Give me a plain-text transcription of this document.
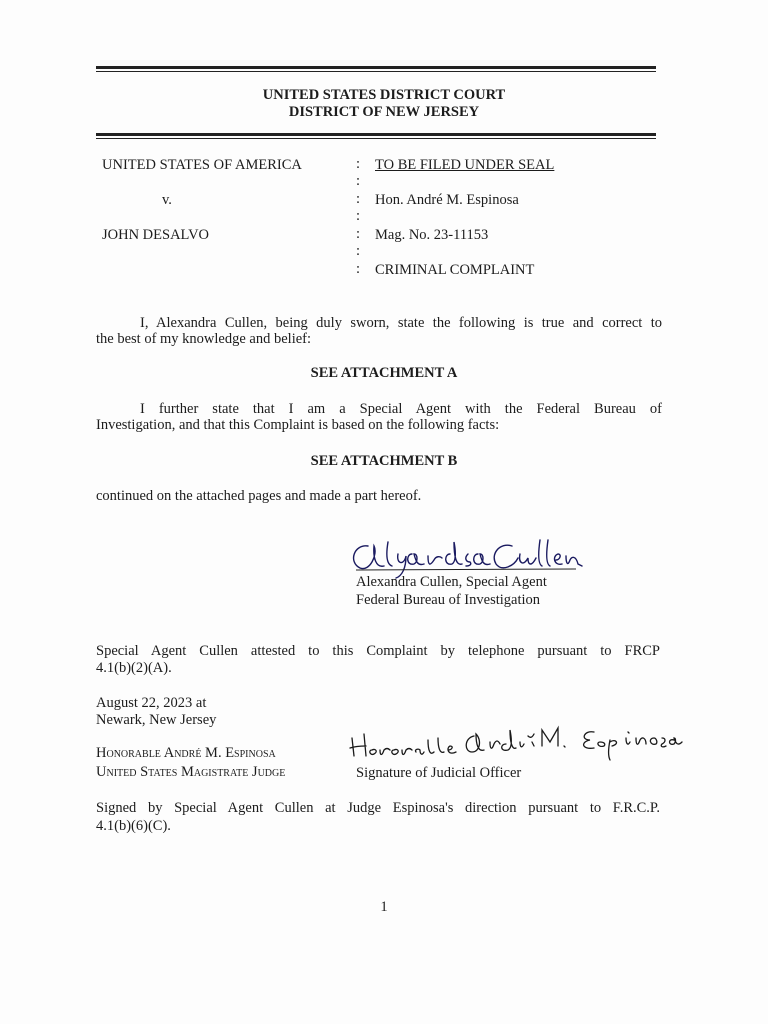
UNITED STATES DISTRICT COURT
DISTRICT OF NEW JERSEY
UNITED STATES OF AMERICA
v.
JOHN DESALVO
:
:
:
:
:
:
:
TO BE FILED UNDER SEAL
Hon. André M. Espinosa
Mag. No. 23-11153
CRIMINAL COMPLAINT
I, Alexandra Cullen, being duly sworn, state the following is true and correct to
the best of my knowledge and belief:
SEE ATTACHMENT A
I further state that I am a Special Agent with the Federal Bureau of
Investigation, and that this Complaint is based on the following facts:
SEE ATTACHMENT B
continued on the attached pages and made a part hereof.
Alexandra Cullen, Special Agent
Federal Bureau of Investigation
Special Agent Cullen attested to this Complaint by telephone pursuant to FRCP
4.1(b)(2)(A).
August 22, 2023 at
Newark, New Jersey
Honorable André M. Espinosa
United States Magistrate Judge	Signature of Judicial Officer
Signed by Special Agent Cullen at Judge Espinosa's direction pursuant to F.R.C.P.
4.1(b)(6)(C).
1
